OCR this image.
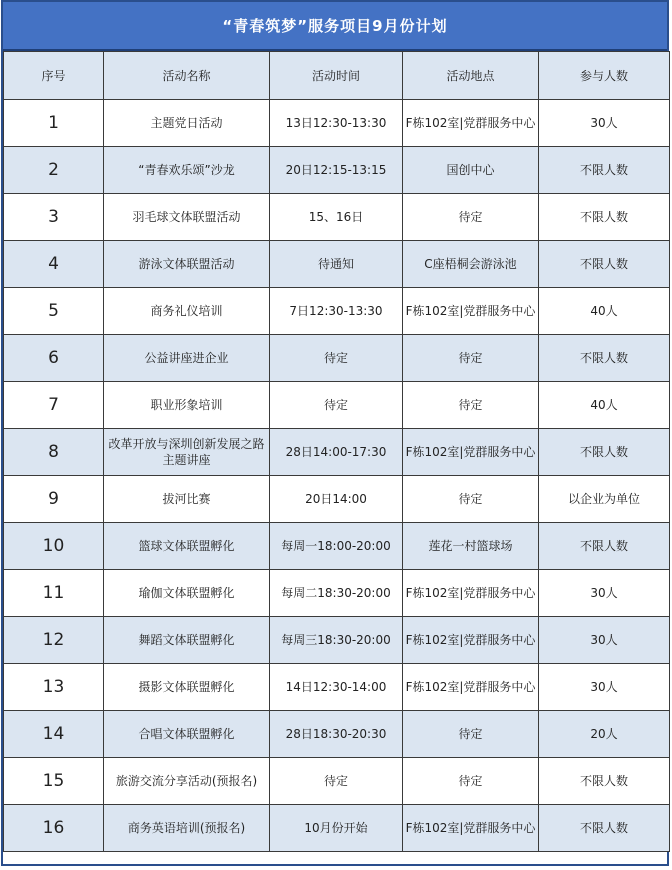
“青春筑梦”服务项目9月份计划
序号	活动名称	活动时间	活动地点	参与人数
1	主题党日活动	13日12:30-13:30	F栋102室|党群服务中心	30人
2	“青春欢乐颂”沙龙	20日12:15-13:15	国创中心	不限人数
3	羽毛球文体联盟活动	15、16日	待定	不限人数
4	游泳文体联盟活动	待通知	C座梧桐会游泳池	不限人数
5	商务礼仪培训	7日12:30-13:30	F栋102室|党群服务中心	40人
6	公益讲座进企业	待定	待定	不限人数
7	职业形象培训	待定	待定	40人
8	改革开放与深圳创新发展之路主题讲座	28日14:00-17:30	F栋102室|党群服务中心	不限人数
9	拔河比赛	20日14:00	待定	以企业为单位
10	篮球文体联盟孵化	每周一18:00-20:00	莲花一村篮球场	不限人数
11	瑜伽文体联盟孵化	每周二18:30-20:00	F栋102室|党群服务中心	30人
12	舞蹈文体联盟孵化	每周三18:30-20:00	F栋102室|党群服务中心	30人
13	摄影文体联盟孵化	14日12:30-14:00	F栋102室|党群服务中心	30人
14	合唱文体联盟孵化	28日18:30-20:30	待定	20人
15	旅游交流分享活动(预报名)	待定	待定	不限人数
16	商务英语培训(预报名)	10月份开始	F栋102室|党群服务中心	不限人数
